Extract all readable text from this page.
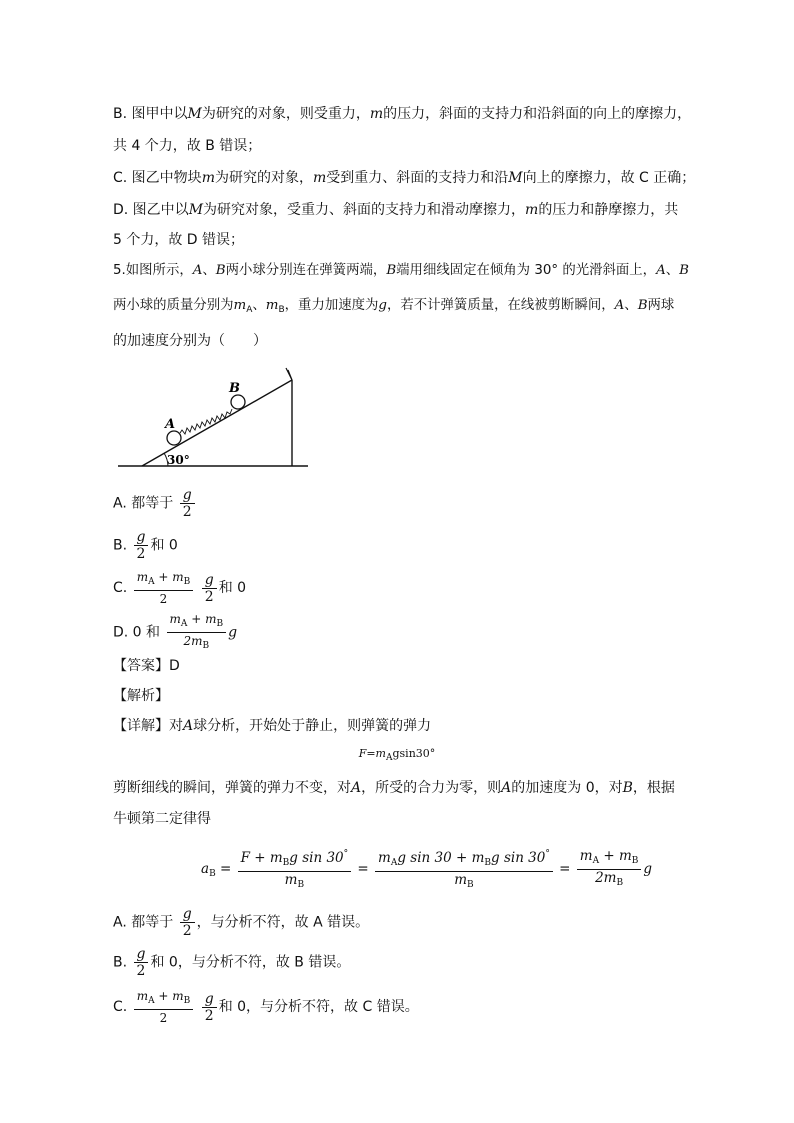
B. 图甲中以M为研究的对象，则受重力，m的压力，斜面的支持力和沿斜面的向上的摩擦力，
共 4 个力，故 B 错误；
C. 图乙中物块m为研究的对象，m受到重力、斜面的支持力和沿M向上的摩擦力，故 C 正确；
D. 图乙中以M为研究对象，受重力、斜面的支持力和滑动摩擦力，m的压力和静摩擦力，共
5 个力，故 D 错误；
5.如图所示，A、B两小球分别连在弹簧两端，B端用细线固定在倾角为 30° 的光滑斜面上，A、B
两小球的质量分别为$m_A$、$m_B$，重力加速度为g，若不计弹簧质量，在线被剪断瞬间，A、B两球
的加速度分别为（　　）
A
B
30°
A. 都等于 $\frac{g}{2}$
B. $\frac{g}{2}$ 和 0
C. $\frac{m_A + m_B}{2}$
$\frac{g}{2}$ 和 0
D. 0 和 $\frac{m_A + m_B}{2m_B}$ g
【答案】D
【解析】
【详解】对A球分析，开始处于静止，则弹簧的弹力
$F=m_Agsin30^\circ$
剪断细线的瞬间，弹簧的弹力不变，对A，所受的合力为零，则A的加速度为 0，对B，根据
牛顿第二定律得
$a_B = \frac{F + m_Bg \sin 30^\circ}{m_B} = \frac{m_Ag \sin 30 + m_Bg \sin 30^\circ}{m_B} = \frac{m_A + m_B}{2m_B}$ g
A. 都等于 $\frac{g}{2}$ ，与分析不符，故 A 错误。
B. $\frac{g}{2}$ 和 0，与分析不符，故 B 错误。
C. $\frac{m_A + m_B}{2}$
$\frac{g}{2}$ 和 0，与分析不符，故 C 错误。
